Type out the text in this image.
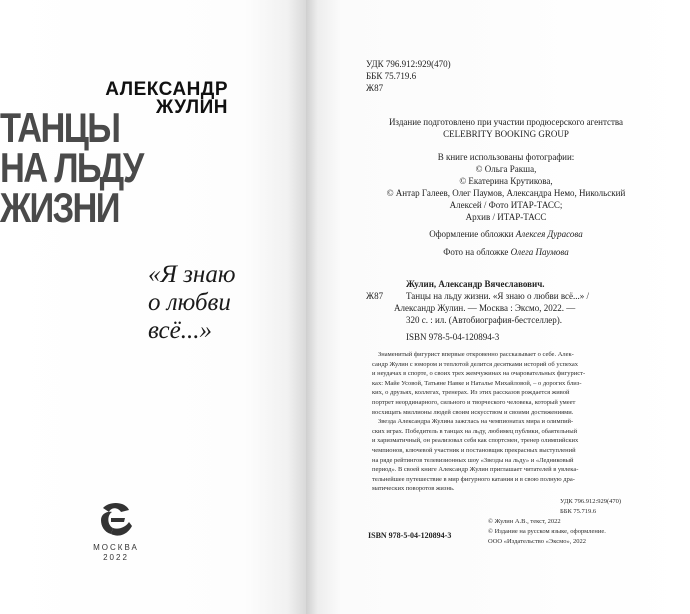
АЛЕКСАНДР
ЖУЛИН
ТАНЦЫ
НА ЛЬДУ
ЖИЗНИ
«Я знаю
о любви
всё...»
МОСКВА
2022
УДК 796.912:929(470)
ББК 75.719.6
Ж87
Издание подготовлено при участии продюсерского агентства
CELEBRITY BOOKING GROUP
В книге использованы фотографии:
© Ольга Ракша,
© Екатерина Крутикова,
© Антар Галеев, Олег Паумов, Александра Немо, Никольский
Алексей / Фото ИТАР-ТАСС;
Архив / ИТАР-ТАСС
Оформление обложки Алексея Дурасова
Фото на обложке Олега Паумова
Жулин, Александр Вячеславович.
Ж87	Танцы на льду жизни. «Я знаю о любви всё...» /
Александр Жулин. — Москва : Эксмо, 2022. —
320 с. : ил. (Автобиография-бестселлер).
ISBN 978-5-04-120894-3
Знаменитый фигурист впервые откровенно рассказывает о себе. Алек-
сандр Жулин с юмором и теплотой делится десятками историй об успехах
и неудачах в спорте, о своих трех жемчужинах на очаровательных фигурист-
ках: Майе Усовой, Татьяне Навке и Наталье Михайловой, – о дорогих близ-
ких, о друзьях, коллегах, тренерах. Из этих рассказов рождается живой
портрет неординарного, сильного и творческого человека, который умеет
восхищать миллионы людей своим искусством и своими достижениями.
Звезда Александра Жулина зажглась на чемпионатах мира и олимпий-
ских играх. Победитель в танцах на льду, любимец публики, обаятельный
и харизматичный, он реализовал себя как спортсмен, тренер олимпийских
чемпионов, ключевой участник и постановщик прекрасных выступлений
на ряде рейтингов телевизионных шоу «Звезды на льду» и «Ледниковый
период». В своей книге Александр Жулин приглашает читателей в увлека-
тельнейшее путешествие в мир фигурного катания и в свою полную дра-
матических поворотов жизнь.
УДК 796.912:929(470)
ББК 75.719.6
ISBN 978-5-04-120894-3
© Жулин А.В., текст, 2022
© Издание на русском языке, оформление.
ООО «Издательство «Эксмо», 2022
